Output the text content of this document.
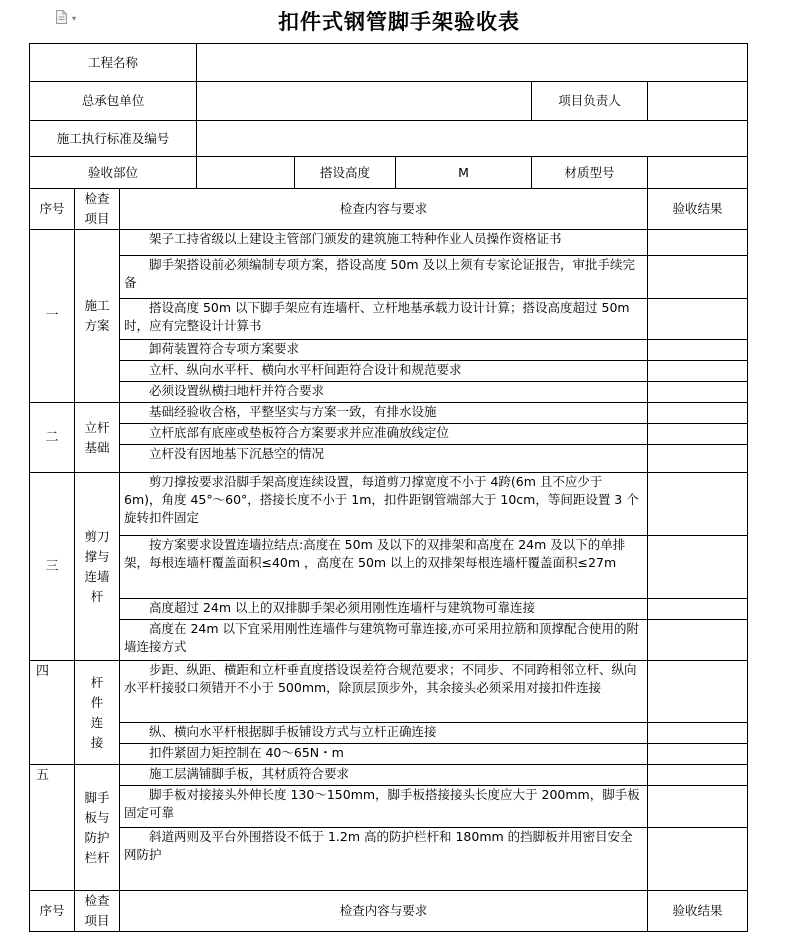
▾	扣件式钢管脚手架验收表
工程名称							
总承包单位						项目负责人	
施工执行标准及编号							
验收部位				搭设高度	M	材质型号	
序号	检查项目	检查内容与要求					验收结果
一	施工方案	架子工持省级以上建设主管部门颁发的建筑施工特种作业人员操作资格证书					

		脚手架搭设前必须编制专项方案，搭设高度 50m 及以上须有专家论证报告，审批手续完备					

		搭设高度 50m 以下脚手架应有连墙杆、立杆地基承载力设计计算；搭设高度超过 50m 时，应有完整设计计算书					

		卸荷装置符合专项方案要求					

		立杆、纵向水平杆、横向水平杆间距符合设计和规范要求					

		必须设置纵横扫地杆并符合要求					

二	立杆基础	基础经验收合格，平整坚实与方案一致，有排水设施					

		立杆底部有底座或垫板符合方案要求并应准确放线定位					

		立杆没有因地基下沉悬空的情况					

三	剪刀撑与连墙杆	剪刀撑按要求沿脚手架高度连续设置，每道剪刀撑宽度不小于 4跨(6m 且不应少于 6m)，角度 45°～60°，搭接长度不小于 1m，扣件距钢管端部大于 10cm，等间距设置 3 个旋转扣件固定					

		按方案要求设置连墙拉结点:高度在 50m 及以下的双排架和高度在 24m 及以下的单排架，每根连墙杆覆盖面积≤40m ，高度在 50m 以上的双排架每根连墙杆覆盖面积≤27m					

		高度超过 24m 以上的双排脚手架必须用刚性连墙杆与建筑物可靠连接					

		高度在 24m 以下宜采用刚性连墙件与建筑物可靠连接,亦可采用拉筋和顶撑配合使用的附墙连接方式					

四	杆件连接	步距、纵距、横距和立杆垂直度搭设误差符合规范要求；不同步、不同跨相邻立杆、纵向水平杆接驳口须错开不小于 500mm，除顶层顶步外，其余接头必须采用对接扣件连接					

		纵、横向水平杆根据脚手板铺设方式与立杆正确连接					

		扣件紧固力矩控制在 40～65N・m					

五	脚手板与防护栏杆	施工层满铺脚手板，其材质符合要求					

		脚手板对接接头外伸长度 130～150mm，脚手板搭接接头长度应大于 200mm，脚手板固定可靠					

		斜道两则及平台外围搭设不低于 1.2m 高的防护栏杆和 180mm 的挡脚板并用密目安全网防护					

序号	检查项目	检查内容与要求					验收结果
